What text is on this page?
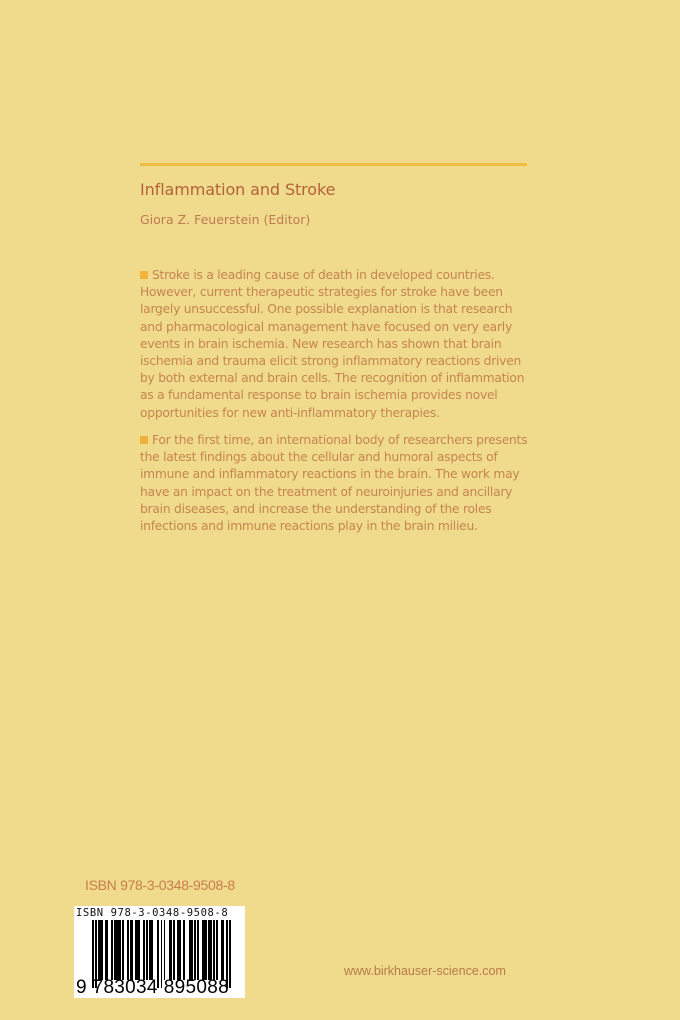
Inflammation and Stroke
Giora Z. Feuerstein (Editor)
Stroke is a leading cause of death in developed countries. However, current therapeutic strategies for stroke have been largely unsuccessful. One possible explanation is that research and pharmacological management have focused on very early events in brain ischemia. New research has shown that brain ischemia and trauma elicit strong inflammatory reactions driven by both external and brain cells. The recognition of inflammation as a fundamental response to brain ischemia provides novel opportunities for new anti-inflammatory therapies.
For the first time, an international body of researchers presents the latest findings about the cellular and humoral aspects of immune and inflammatory reactions in the brain. The work may have an impact on the treatment of neuroinjuries and ancillary brain diseases, and increase the understanding of the roles infections and immune reactions play in the brain milieu.
ISBN 978-3-0348-9508-8
ISBN 978-3-0348-9508-8
9 783034 895088
www.birkhauser-science.com
